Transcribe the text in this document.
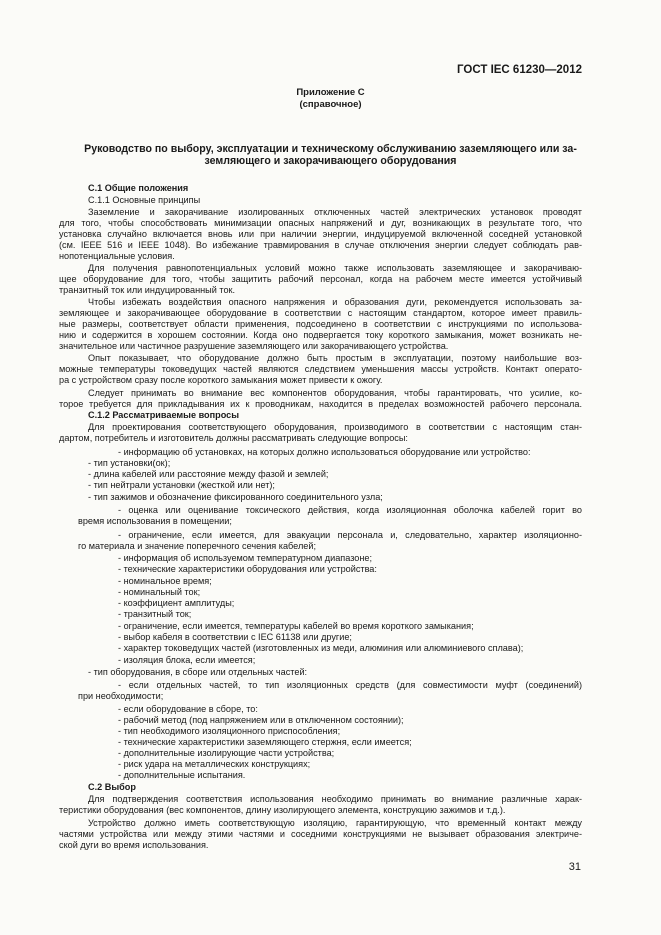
ГОСТ IEC 61230—2012
Приложение С
(справочное)
Руководство по выбору, эксплуатации и техническому обслуживанию заземляющего или за-
земляющего и закорачивающего оборудования
С.1 Общие положения
С.1.1 Основные принципы
Заземление и закорачивание изолированных отключенных частей электрических установок проводят
для того, чтобы способствовать минимизации опасных напряжений и дуг, возникающих в результате того, что
установка случайно включается вновь или при наличии энергии, индуцируемой включенной соседней установкой
(см. IEEE 516 и IEEE 1048). Во избежание травмирования в случае отключения энергии следует соблюдать рав-
нопотенциальные условия.
Для получения равнопотенциальных условий можно также использовать заземляющее и закорачиваю-
щее оборудование для того, чтобы защитить рабочий персонал, когда на рабочем месте имеется устойчивый
транзитный ток или индуцированный ток.
Чтобы избежать воздействия опасного напряжения и образования дуги, рекомендуется использовать за-
земляющее и закорачивающее оборудование в соответствии с настоящим стандартом, которое имеет правиль-
ные размеры, соответствует области применения, подсоединено в соответствии с инструкциями по использова-
нию и содержится в хорошем состоянии. Когда оно подвергается току короткого замыкания, может возникать не-
значительное или частичное разрушение заземляющего или закорачивающего устройства.
Опыт показывает, что оборудование должно быть простым в эксплуатации, поэтому наибольшие воз-
можные температуры токоведущих частей являются следствием уменьшения массы устройств. Контакт операто-
ра с устройством сразу после короткого замыкания может привести к ожогу.
Следует принимать во внимание вес компонентов оборудования, чтобы гарантировать, что усилие, ко-
торое требуется для прикладывания их к проводникам, находится в пределах возможностей рабочего персонала.
С.1.2 Рассматриваемые вопросы
Для проектирования соответствующего оборудования, производимого в соответствии с настоящим стан-
дартом, потребитель и изготовитель должны рассматривать следующие вопросы:
- информацию об установках, на которых должно использоваться оборудование или устройство:
- тип установки(ок);
- длина кабелей или расстояние между фазой и землей;
- тип нейтрали установки (жесткой или нет);
- тип зажимов и обозначение фиксированного соединительного узла;
- оценка или оценивание токсического действия, когда изоляционная оболочка кабелей горит во
время использования в помещении;
- ограничение, если имеется, для эвакуации персонала и, следовательно, характер изоляционно-
го материала и значение поперечного сечения кабелей;
- информация об используемом температурном диапазоне;
- технические характеристики оборудования или устройства:
- номинальное время;
- номинальный ток;
- коэффициент амплитуды;
- транзитный ток;
- ограничение, если имеется, температуры кабелей во время короткого замыкания;
- выбор кабеля в соответствии с IEC 61138 или другие;
- характер токоведущих частей (изготовленных из меди, алюминия или алюминиевого сплава);
- изоляция блока, если имеется;
- тип оборудования, в сборе или отдельных частей:
- если отдельных частей, то тип изоляционных средств (для совместимости муфт (соединений)
при необходимости;
- если оборудование в сборе, то:
- рабочий метод (под напряжением или в отключенном состоянии);
- тип необходимого изоляционного приспособления;
- технические характеристики заземляющего стержня, если имеется;
- дополнительные изолирующие части устройства;
- риск удара на металлических конструкциях;
- дополнительные испытания.
С.2 Выбор
Для подтверждения соответствия использования необходимо принимать во внимание различные харак-
теристики оборудования (вес компонентов, длину изолирующего элемента, конструкцию зажимов и т.д.).
Устройство должно иметь соответствующую изоляцию, гарантирующую, что временный контакт между
частями устройства или между этими частями и соседними конструкциями не вызывает образования электриче-
ской дуги во время использования.
31
